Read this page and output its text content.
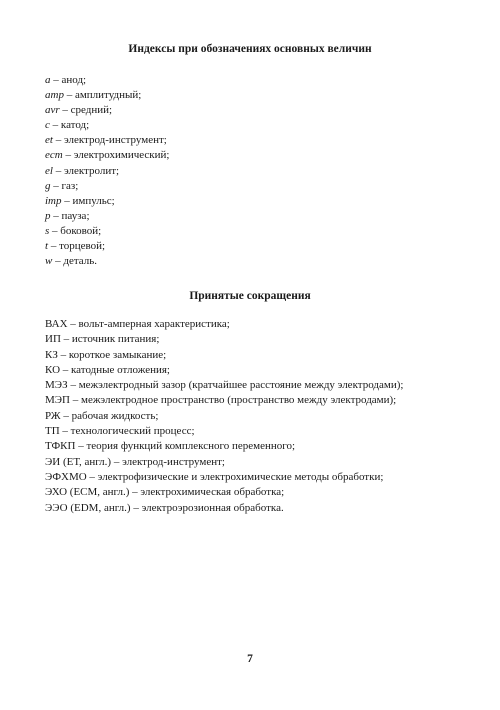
Индексы при обозначениях основных величин
a – анод;
amp – амплитудный;
avr – средний;
c – катод;
et – электрод-инструмент;
ecm – электрохимический;
el – электролит;
g – газ;
imp – импульс;
p – пауза;
s – боковой;
t – торцевой;
w – деталь.
Принятые сокращения
ВАХ – вольт-амперная характеристика;
ИП – источник питания;
КЗ – короткое замыкание;
КО – катодные отложения;
МЭЗ – межэлектродный зазор (кратчайшее расстояние между электродами);
МЭП – межэлектродное пространство (пространство между электродами);
РЖ – рабочая жидкость;
ТП – технологический процесс;
ТФКП – теория функций комплексного переменного;
ЭИ (ЕТ, англ.) – электрод-инструмент;
ЭФХМО – электрофизические и электрохимические методы обработки;
ЭХО (ЕСМ, англ.) – электрохимическая обработка;
ЭЭО (EDM, англ.) – электроэрозионная обработка.
7
